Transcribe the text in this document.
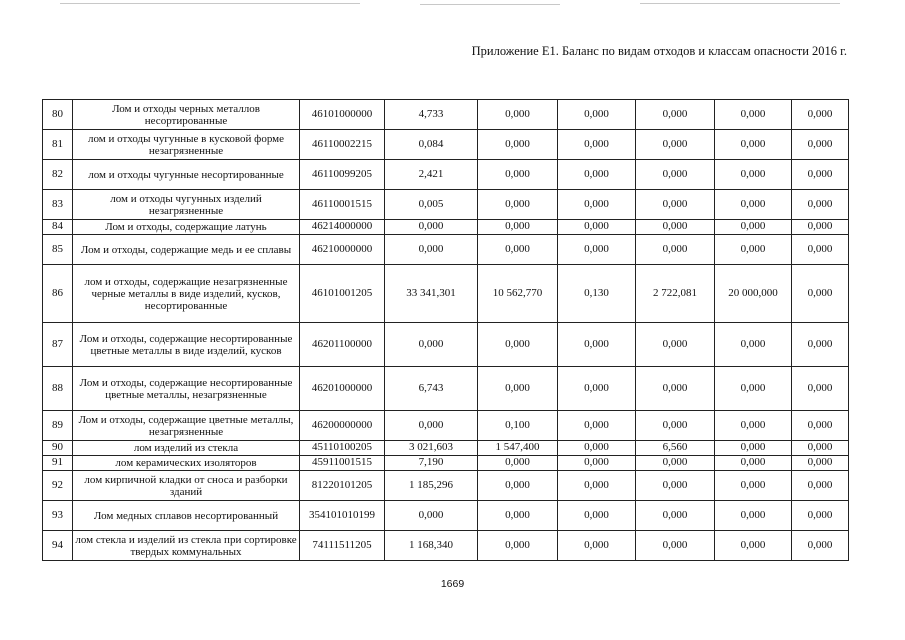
Приложение Е1. Баланс по видам отходов и классам опасности 2016 г.
80	Лом и отходы черных металлов несортированные	46101000000	4,733	0,000	0,000	0,000	0,000	0,000
81	лом и отходы чугунные в кусковой форме незагрязненные	46110002215	0,084	0,000	0,000	0,000	0,000	0,000
82	лом и отходы чугунные несортированные	46110099205	2,421	0,000	0,000	0,000	0,000	0,000
83	лом и отходы чугунных изделий незагрязненные	46110001515	0,005	0,000	0,000	0,000	0,000	0,000
84	Лом и отходы, содержащие латунь	46214000000	0,000	0,000	0,000	0,000	0,000	0,000
85	Лом и отходы, содержащие медь и ее сплавы	46210000000	0,000	0,000	0,000	0,000	0,000	0,000
86	лом и отходы, содержащие незагрязненные черные металлы в виде изделий, кусков, несортированные	46101001205	33 341,301	10 562,770	0,130	2 722,081	20 000,000	0,000
87	Лом и отходы, содержащие несортированные цветные металлы в виде изделий, кусков	46201100000	0,000	0,000	0,000	0,000	0,000	0,000
88	Лом и отходы, содержащие несортированные цветные металлы, незагрязненные	46201000000	6,743	0,000	0,000	0,000	0,000	0,000
89	Лом и отходы, содержащие цветные металлы, незагрязненные	46200000000	0,000	0,100	0,000	0,000	0,000	0,000
90	лом изделий из стекла	45110100205	3 021,603	1 547,400	0,000	6,560	0,000	0,000
91	лом керамических изоляторов	45911001515	7,190	0,000	0,000	0,000	0,000	0,000
92	лом кирпичной кладки от сноса и разборки зданий	81220101205	1 185,296	0,000	0,000	0,000	0,000	0,000
93	Лом медных сплавов несортированный	354101010199	0,000	0,000	0,000	0,000	0,000	0,000
94	лом стекла и изделий из стекла при сортировке твердых коммунальных	74111511205	1 168,340	0,000	0,000	0,000	0,000	0,000
1669
